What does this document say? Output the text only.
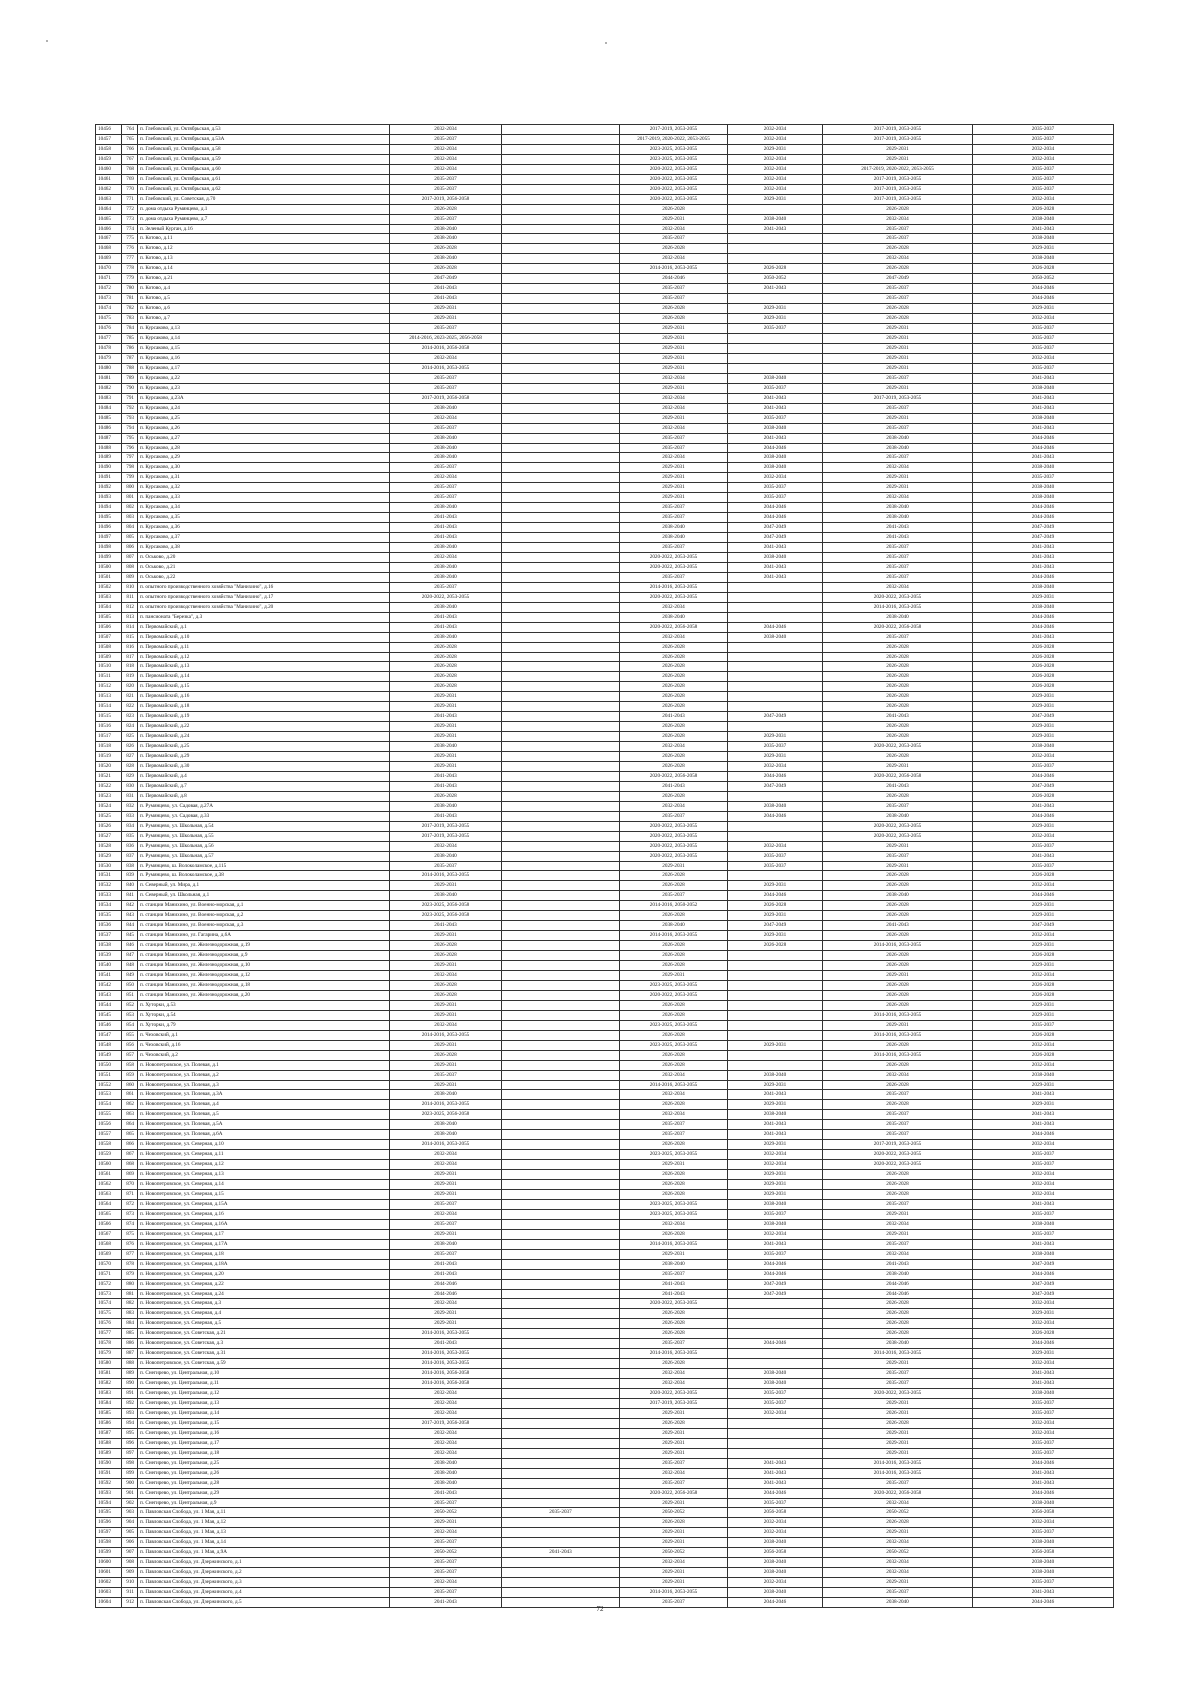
10456	764	п. Глебовский, ул. Октябрьская, д.53	2032-2034		2017-2019, 2053-2055	2032-2034	2017-2019, 2053-2055	2035-2037
10457	765	п. Глебовский, ул. Октябрьская, д.53А	2035-2037		2017-2019, 2020-2022, 2053-2055	2032-2034	2017-2019, 2053-2055	2035-2037
10458	766	п. Глебовский, ул. Октябрьская, д.58	2032-2034		2023-2025, 2053-2055	2029-2031	2029-2031	2032-2034
10459	767	п. Глебовский, ул. Октябрьская, д.59	2032-2034		2023-2025, 2053-2055	2032-2034	2029-2031	2032-2034
10460	768	п. Глебовский, ул. Октябрьская, д.60	2032-2034		2020-2022, 2053-2055	2032-2034	2017-2019, 2020-2022, 2053-2055	2035-2037
10461	769	п. Глебовский, ул. Октябрьская, д.61	2035-2037		2020-2022, 2053-2055	2032-2034	2017-2019, 2053-2055	2035-2037
10462	770	п. Глебовский, ул. Октябрьская, д.62	2035-2037		2020-2022, 2053-2055	2032-2034	2017-2019, 2053-2055	2035-2037
10463	771	п. Глебовский, ул. Советская, д.70	2017-2019, 2056-2058		2020-2022, 2053-2055	2029-2031	2017-2019, 2053-2055	2032-2034
10464	772	п. дома отдыха Румянцево, д.1	2026-2028		2026-2028		2026-2028	2026-2028
10465	773	п. дома отдыха Румянцево, д.7	2035-2037		2029-2031	2038-2040	2032-2034	2038-2040
10466	774	п. Зеленый Курган, д.16	2038-2040		2032-2034	2041-2043	2035-2037	2041-2043
10467	775	п. Котово, д.11	2038-2040		2035-2037		2035-2037	2038-2040
10468	776	п. Котово, д.12	2026-2028		2026-2028		2026-2028	2029-2031
10469	777	п. Котово, д.13	2038-2040		2032-2034		2032-2034	2038-2040
10470	778	п. Котово, д.14	2026-2028		2014-2016, 2053-2055	2026-2028	2026-2028	2026-2028
10471	779	п. Котово, д.21	2047-2049		2044-2046	2050-2052	2047-2049	2050-2052
10472	780	п. Котово, д.4	2041-2043		2035-2037	2041-2043	2035-2037	2044-2046
10473	781	п. Котово, д.5	2041-2043		2035-2037		2035-2037	2044-2046
10474	782	п. Котово, д.6	2029-2031		2026-2028	2029-2031	2026-2028	2029-2031
10475	783	п. Котово, д.7	2029-2031		2026-2028	2029-2031	2026-2028	2032-2034
10476	784	п. Курсаково, д.13	2035-2037		2029-2031	2035-2037	2029-2031	2035-2037
10477	785	п. Курсаково, д.14	2014-2016, 2023-2025, 2056-2058		2029-2031		2029-2031	2035-2037
10478	786	п. Курсаково, д.15	2014-2016, 2056-2058		2029-2031		2029-2031	2035-2037
10479	787	п. Курсаково, д.16	2032-2034		2029-2031		2029-2031	2032-2034
10480	788	п. Курсаково, д.17	2014-2016, 2053-2055		2029-2031		2029-2031	2035-2037
10481	789	п. Курсаково, д.22	2035-2037		2032-2034	2038-2040	2035-2037	2041-2043
10482	790	п. Курсаково, д.23	2035-2037		2029-2031	2035-2037	2029-2031	2038-2040
10483	791	п. Курсаково, д.23А	2017-2019, 2056-2058		2032-2034	2041-2043	2017-2019, 2053-2055	2041-2043
10484	792	п. Курсаково, д.24	2038-2040		2032-2034	2041-2043	2035-2037	2041-2043
10485	793	п. Курсаково, д.25	2032-2034		2029-2031	2035-2037	2029-2031	2038-2040
10486	794	п. Курсаково, д.26	2035-2037		2032-2034	2038-2040	2035-2037	2041-2043
10487	795	п. Курсаково, д.27	2038-2040		2035-2037	2041-2043	2038-2040	2044-2046
10488	796	п. Курсаково, д.28	2038-2040		2035-2037	2044-2046	2038-2040	2044-2046
10489	797	п. Курсаково, д.29	2038-2040		2032-2034	2038-2040	2035-2037	2041-2043
10490	798	п. Курсаково, д.30	2035-2037		2029-2031	2038-2040	2032-2034	2038-2040
10491	799	п. Курсаково, д.31	2032-2034		2029-2031	2032-2034	2029-2031	2035-2037
10492	800	п. Курсаково, д.32	2035-2037		2029-2031	2035-2037	2029-2031	2038-2040
10493	801	п. Курсаково, д.33	2035-2037		2029-2031	2035-2037	2032-2034	2038-2040
10494	802	п. Курсаково, д.34	2038-2040		2035-2037	2044-2046	2038-2040	2044-2046
10495	803	п. Курсаково, д.35	2041-2043		2035-2037	2044-2046	2038-2040	2044-2046
10496	804	п. Курсаково, д.36	2041-2043		2038-2040	2047-2049	2041-2043	2047-2049
10497	805	п. Курсаково, д.37	2041-2043		2038-2040	2047-2049	2041-2043	2047-2049
10498	806	п. Курсаково, д.38	2038-2040		2035-2037	2041-2043	2035-2037	2041-2043
10499	807	п. Оськово, д.20	2032-2034		2020-2022, 2053-2055	2038-2040	2035-2037	2041-2043
10500	808	п. Оськово, д.21	2038-2040		2020-2022, 2053-2055	2041-2043	2035-2037	2041-2043
10501	809	п. Оськово, д.22	2038-2040		2035-2037	2041-2043	2035-2037	2044-2046
10502	810	п. опытного производственного хозяйства "Манихино", д.16	2035-2037		2014-2016, 2053-2055		2032-2034	2038-2040
10503	811	п. опытного производственного хозяйства "Манихино", д.17	2020-2022, 2053-2055		2020-2022, 2053-2055		2020-2022, 2053-2055	2029-2031
10504	812	п. опытного производственного хозяйства "Манихино", д.20	2038-2040		2032-2034		2014-2016, 2053-2055	2038-2040
10505	813	п. пансионата "Березка", д.3	2041-2043		2038-2040		2038-2040	2044-2046
10506	814	п. Первомайский, д.1	2041-2043		2020-2022, 2056-2058	2044-2046	2020-2022, 2056-2058	2044-2046
10507	815	п. Первомайский, д.10	2038-2040		2032-2034	2038-2040	2035-2037	2041-2043
10508	816	п. Первомайский, д.11	2026-2028		2026-2028		2026-2028	2026-2028
10509	817	п. Первомайский, д.12	2026-2028		2026-2028		2026-2028	2026-2028
10510	818	п. Первомайский, д.13	2026-2028		2026-2028		2026-2028	2026-2028
10511	819	п. Первомайский, д.14	2026-2028		2026-2028		2026-2028	2026-2028
10512	820	п. Первомайский, д.15	2026-2028		2026-2028		2026-2028	2026-2028
10513	821	п. Первомайский, д.16	2029-2031		2026-2028		2026-2028	2029-2031
10514	822	п. Первомайский, д.18	2029-2031		2026-2028		2026-2028	2029-2031
10515	823	п. Первомайский, д.19	2041-2043		2041-2043	2047-2049	2041-2043	2047-2049
10516	824	п. Первомайский, д.22	2029-2031		2026-2028		2026-2028	2029-2031
10517	825	п. Первомайский, д.24	2029-2031		2026-2028	2029-2031	2026-2028	2029-2031
10518	826	п. Первомайский, д.25	2038-2040		2032-2034	2035-2037	2020-2022, 2053-2055	2038-2040
10519	827	п. Первомайский, д.29	2029-2031		2026-2028	2029-2031	2026-2028	2032-2034
10520	828	п. Первомайский, д.30	2029-2031		2026-2028	2032-2034	2029-2031	2035-2037
10521	829	п. Первомайский, д.4	2041-2043		2020-2022, 2056-2058	2044-2046	2020-2022, 2056-2058	2044-2046
10522	830	п. Первомайский, д.7	2041-2043		2041-2043	2047-2049	2041-2043	2047-2049
10523	831	п. Первомайский, д.8	2026-2028		2026-2028		2026-2028	2026-2028
10524	832	п. Румянцево, ул. Садовая, д.27А	2038-2040		2032-2034	2038-2040	2035-2037	2041-2043
10525	833	п. Румянцево, ул. Садовая, д.33	2041-2043		2035-2037	2044-2046	2038-2040	2044-2046
10526	834	п. Румянцево, ул. Школьная, д.54	2017-2019, 2053-2055		2020-2022, 2053-2055		2020-2022, 2053-2055	2029-2031
10527	835	п. Румянцево, ул. Школьная, д.55	2017-2019, 2053-2055		2020-2022, 2053-2055		2020-2022, 2053-2055	2032-2034
10528	836	п. Румянцево, ул. Школьная, д.56	2032-2034		2020-2022, 2053-2055	2032-2034	2029-2031	2035-2037
10529	837	п. Румянцево, ул. Школьная, д.57	2038-2040		2020-2022, 2053-2055	2035-2037	2035-2037	2041-2043
10530	838	п. Румянцево, ш. Волоколамское, д.115	2035-2037		2029-2031	2035-2037	2029-2031	2035-2037
10531	839	п. Румянцево, ш. Волоколамское, д.38	2014-2016, 2053-2055		2026-2028		2026-2028	2026-2028
10532	840	п. Северный, ул. Мира, д.1	2029-2031		2026-2028	2029-2031	2026-2028	2032-2034
10533	841	п. Северный, ул. Школьная, д.1	2038-2040		2035-2037	2044-2046	2038-2040	2044-2046
10534	842	п. станции Манихино, ул. Военно-морская, д.1	2023-2025, 2056-2058		2014-2016, 2050-2052	2026-2028	2026-2028	2029-2031
10535	843	п. станции Манихино, ул. Военно-морская, д.2	2023-2025, 2056-2058		2026-2028	2029-2031	2026-2028	2029-2031
10536	844	п. станции Манихино, ул. Военно-морская, д.3	2041-2043		2038-2040	2047-2049	2041-2043	2047-2049
10537	845	п. станции Манихино, ул. Гагарина, д.6А	2029-2031		2014-2016, 2053-2055	2029-2031	2026-2028	2032-2034
10538	846	п. станции Манихино, ул. Железнодорожная, д.19	2026-2028		2026-2028	2026-2028	2014-2016, 2053-2055	2029-2031
10539	847	п. станции Манихино, ул. Железнодорожная, д.9	2026-2028		2026-2028		2026-2028	2026-2028
10540	848	п. станции Манихино, ул. Железнодорожная, д.10	2029-2031		2026-2028		2026-2028	2029-2031
10541	849	п. станции Манихино, ул. Железнодорожная, д.12	2032-2034		2029-2031		2029-2031	2032-2034
10542	850	п. станции Манихино, ул. Железнодорожная, д.18	2026-2028		2023-2025, 2053-2055		2026-2028	2026-2028
10543	851	п. станции Манихино, ул. Железнодорожная, д.20	2026-2028		2020-2022, 2053-2055		2026-2028	2026-2028
10544	852	п. Хуторки, д.53	2029-2031		2026-2028		2026-2028	2029-2031
10545	853	п. Хуторки, д.54	2029-2031		2026-2028		2014-2016, 2053-2055	2029-2031
10546	854	п. Хуторки, д.79	2032-2034		2023-2025, 2053-2055		2029-2031	2035-2037
10547	855	п. Чеховский, д.1	2014-2016, 2053-2055		2026-2028		2014-2016, 2053-2055	2026-2028
10548	856	п. Чеховский, д.16	2029-2031		2023-2025, 2053-2055	2029-2031	2026-2028	2032-2034
10549	857	п. Чеховский, д.2	2026-2028		2026-2028		2014-2016, 2053-2055	2026-2028
10550	858	п. Новопетровское, ул. Полевая, д.1	2029-2031		2026-2028		2026-2028	2032-2034
10551	859	п. Новопетровское, ул. Полевая, д.2	2035-2037		2032-2034	2038-2040	2032-2034	2038-2040
10552	860	п. Новопетровское, ул. Полевая, д.3	2029-2031		2014-2016, 2053-2055	2029-2031	2026-2028	2029-2031
10553	861	п. Новопетровское, ул. Полевая, д.3А	2038-2040		2032-2034	2041-2043	2035-2037	2041-2043
10554	862	п. Новопетровское, ул. Полевая, д.4	2014-2016, 2053-2055		2026-2028	2029-2031	2026-2028	2029-2031
10555	863	п. Новопетровское, ул. Полевая, д.5	2023-2025, 2056-2058		2032-2034	2038-2040	2035-2037	2041-2043
10556	864	п. Новопетровское, ул. Полевая, д.5А	2038-2040		2035-2037	2041-2043	2035-2037	2041-2043
10557	865	п. Новопетровское, ул. Полевая, д.6А	2038-2040		2035-2037	2041-2043	2035-2037	2044-2046
10558	866	п. Новопетровское, ул. Северная, д.10	2014-2016, 2053-2055		2026-2028	2029-2031	2017-2019, 2053-2055	2032-2034
10559	867	п. Новопетровское, ул. Северная, д.11	2032-2034		2023-2025, 2053-2055	2032-2034	2020-2022, 2053-2055	2035-2037
10560	868	п. Новопетровское, ул. Северная, д.12	2032-2034		2029-2031	2032-2034	2020-2022, 2053-2055	2035-2037
10561	869	п. Новопетровское, ул. Северная, д.13	2029-2031		2026-2028	2029-2031	2026-2028	2032-2034
10562	870	п. Новопетровское, ул. Северная, д.14	2029-2031		2026-2028	2029-2031	2026-2028	2032-2034
10563	871	п. Новопетровское, ул. Северная, д.15	2029-2031		2026-2028	2029-2031	2026-2028	2032-2034
10564	872	п. Новопетровское, ул. Северная, д.15А	2035-2037		2023-2025, 2053-2055	2038-2040	2035-2037	2041-2043
10565	873	п. Новопетровское, ул. Северная, д.16	2032-2034		2023-2025, 2053-2055	2035-2037	2029-2031	2035-2037
10566	874	п. Новопетровское, ул. Северная, д.16А	2035-2037		2032-2034	2038-2040	2032-2034	2038-2040
10567	875	п. Новопетровское, ул. Северная, д.17	2029-2031		2026-2028	2032-2034	2029-2031	2035-2037
10568	876	п. Новопетровское, ул. Северная, д.17А	2038-2040		2014-2016, 2053-2055	2041-2043	2035-2037	2041-2043
10569	877	п. Новопетровское, ул. Северная, д.18	2035-2037		2029-2031	2035-2037	2032-2034	2038-2040
10570	878	п. Новопетровское, ул. Северная, д.18А	2041-2043		2038-2040	2044-2046	2041-2043	2047-2049
10571	879	п. Новопетровское, ул. Северная, д.20	2041-2043		2035-2037	2044-2046	2038-2040	2044-2046
10572	880	п. Новопетровское, ул. Северная, д.22	2044-2046		2041-2043	2047-2049	2044-2046	2047-2049
10573	881	п. Новопетровское, ул. Северная, д.24	2044-2046		2041-2043	2047-2049	2044-2046	2047-2049
10574	882	п. Новопетровское, ул. Северная, д.3	2032-2034		2020-2022, 2053-2055		2026-2028	2032-2034
10575	883	п. Новопетровское, ул. Северная, д.4	2029-2031		2026-2028		2026-2028	2029-2031
10576	884	п. Новопетровское, ул. Северная, д.5	2029-2031		2026-2028		2026-2028	2032-2034
10577	885	п. Новопетровское, ул. Советская, д.21	2014-2016, 2053-2055		2026-2028		2026-2028	2026-2028
10578	886	п. Новопетровское, ул. Советская, д.3	2041-2043		2035-2037	2044-2046	2038-2040	2044-2046
10579	887	п. Новопетровское, ул. Советская, д.31	2014-2016, 2053-2055		2014-2016, 2053-2055		2014-2016, 2053-2055	2029-2031
10580	888	п. Новопетровское, ул. Советская, д.59	2014-2016, 2053-2055		2026-2028		2029-2031	2032-2034
10581	889	п. Снегирево, ул. Центральная, д.10	2014-2016, 2056-2058		2032-2034	2038-2040	2035-2037	2041-2043
10582	890	п. Снегирево, ул. Центральная, д.11	2014-2016, 2056-2058		2032-2034	2038-2040	2035-2037	2041-2043
10583	891	п. Снегирево, ул. Центральная, д.12	2032-2034		2020-2022, 2053-2055	2035-2037	2020-2022, 2053-2055	2038-2040
10584	892	п. Снегирево, ул. Центральная, д.13	2032-2034		2017-2019, 2053-2055	2035-2037	2029-2031	2035-2037
10585	893	п. Снегирево, ул. Центральная, д.14	2032-2034		2029-2031	2032-2034	2026-2031	2035-2037
10586	894	п. Снегирево, ул. Центральная, д.15	2017-2019, 2056-2058		2026-2028		2026-2028	2032-2034
10587	895	п. Снегирево, ул. Центральная, д.16	2032-2034		2029-2031		2029-2031	2032-2034
10588	896	п. Снегирево, ул. Центральная, д.17	2032-2034		2029-2031		2029-2031	2035-2037
10589	897	п. Снегирево, ул. Центральная, д.18	2032-2034		2029-2031		2029-2031	2035-2037
10590	898	п. Снегирево, ул. Центральная, д.25	2038-2040		2035-2037	2041-2043	2014-2016, 2053-2055	2044-2046
10591	899	п. Снегирево, ул. Центральная, д.26	2038-2040		2032-2034	2041-2043	2014-2016, 2053-2055	2041-2043
10592	900	п. Снегирево, ул. Центральная, д.28	2038-2040		2035-2037	2041-2043	2035-2037	2041-2043
10593	901	п. Снегирево, ул. Центральная, д.29	2041-2043		2020-2022, 2056-2058	2044-2046	2020-2022, 2056-2058	2044-2046
10594	902	п. Снегирево, ул. Центральная, д.9	2035-2037		2029-2031	2035-2037	2032-2034	2038-2040
10595	903	п. Павловская Слобода, ул. 1 Мая, д.11	2050-2052	2035-2037	2050-2052	2056-2058	2050-2052	2056-2058
10596	904	п. Павловская Слобода, ул. 1 Мая, д.12	2029-2031		2026-2028	2032-2034	2026-2028	2032-2034
10597	905	п. Павловская Слобода, ул. 1 Мая, д.13	2032-2034		2029-2031	2032-2034	2029-2031	2035-2037
10598	906	п. Павловская Слобода, ул. 1 Мая, д.14	2035-2037		2029-2031	2038-2040	2032-2034	2038-2040
10599	907	п. Павловская Слобода, ул. 1 Мая, д.9А	2050-2052	2041-2043	2050-2052	2056-2058	2050-2052	2056-2058
10600	908	п. Павловская Слобода, ул. Дзержинского, д.1	2035-2037		2032-2034	2038-2040	2032-2034	2038-2040
10601	909	п. Павловская Слобода, ул. Дзержинского, д.2	2035-2037		2029-2031	2038-2040	2032-2034	2038-2040
10602	910	п. Павловская Слобода, ул. Дзержинского, д.3	2032-2034		2029-2031	2032-2034	2029-2031	2035-2037
10603	911	п. Павловская Слобода, ул. Дзержинского, д.4	2035-2037		2014-2016, 2053-2055	2038-2040	2035-2037	2041-2043
10604	912	п. Павловская Слобода, ул. Дзержинского, д.5	2041-2043		2035-2037	2044-2046	2038-2040	2044-2046
72
